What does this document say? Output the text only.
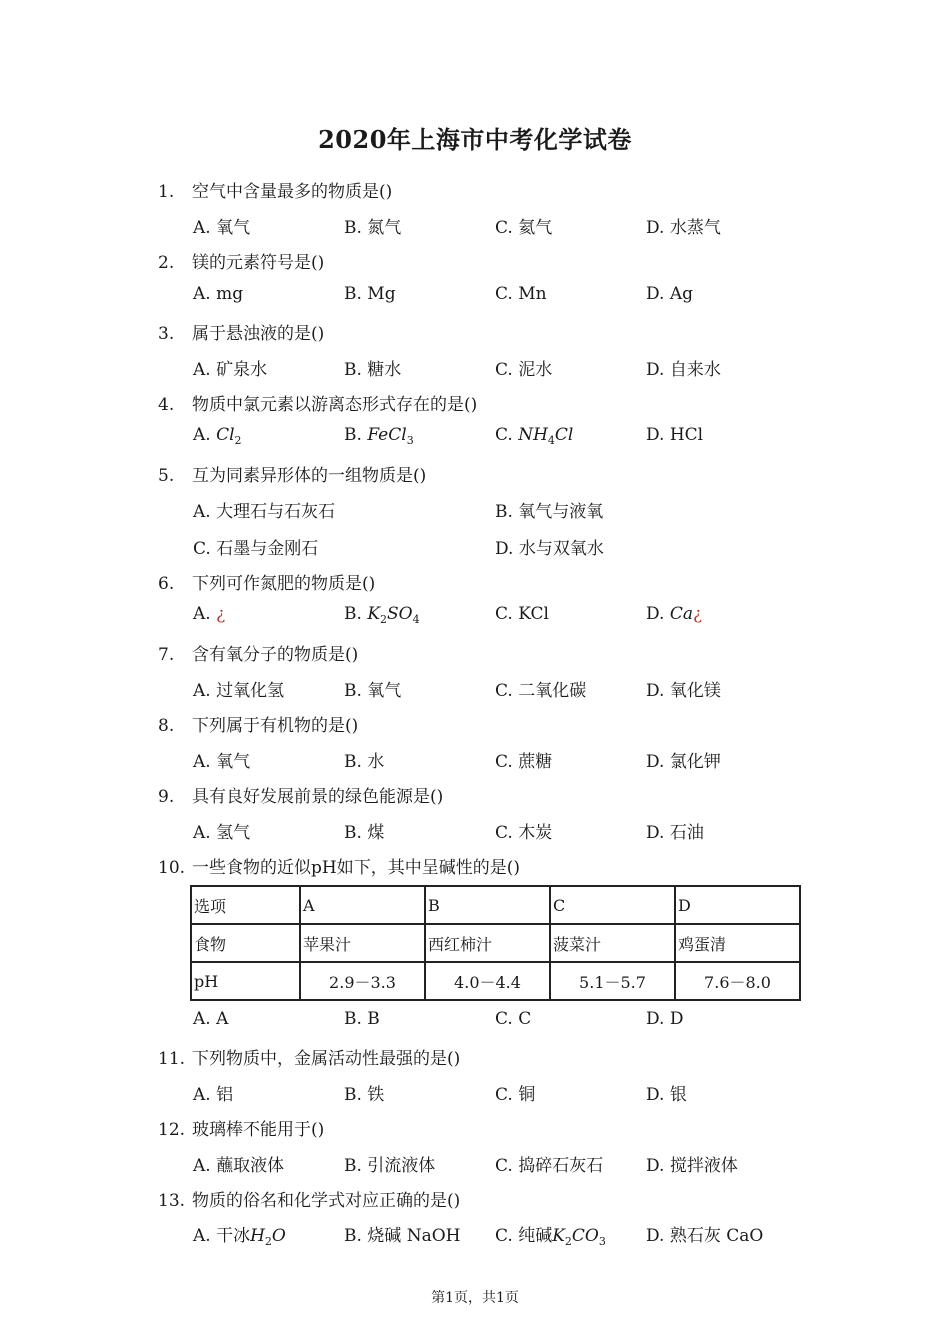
2020年上海市中考化学试卷
1. 空气中含量最多的物质是()
A. 氧气	B. 氮气	C. 氦气	D. 水蒸气
2. 镁的元素符号是()
A. mg	B. Mg	C. Mn	D. Ag
3. 属于悬浊液的是()
A. 矿泉水	B. 糖水	C. 泥水	D. 自来水
4. 物质中氯元素以游离态形式存在的是()
A. $Cl_2$	B. FeCl$_3$	C. $NH_4Cl$	D. HCl
5. 互为同素异形体的一组物质是()
A. 大理石与石灰石	B. 氧气与液氧
C. 石墨与金刚石	D. 水与双氧水
6. 下列可作氮肥的物质是()
A. ¿	B. $K_2SO_4$	C. KCl	D. Ca¿
7. 含有氧分子的物质是()
A. 过氧化氢	B. 氧气	C. 二氧化碳	D. 氧化镁
8. 下列属于有机物的是()
A. 氧气	B. 水	C. 蔗糖	D. 氯化钾
9. 具有良好发展前景的绿色能源是()
A. 氢气	B. 煤	C. 木炭	D. 石油
10. 一些食物的近似pH如下，其中呈碱性的是()
选项	A	B	C	D
食物	苹果汁	西红柿汁	菠菜汁	鸡蛋清
pH	2.9－3.3	4.0－4.4	5.1－5.7	7.6－8.0
A. A	B. B	C. C	D. D
11. 下列物质中，金属活动性最强的是()
A. 铝	B. 铁	C. 铜	D. 银
12. 玻璃棒不能用于()
A. 蘸取液体	B. 引流液体	C. 捣碎石灰石	D. 搅拌液体
13. 物质的俗名和化学式对应正确的是()
A. 干冰$H_2O$	B. 烧碱 NaOH C. 纯碱$K_2CO_3$ D. 熟石灰 CaO
第1页，共1页
